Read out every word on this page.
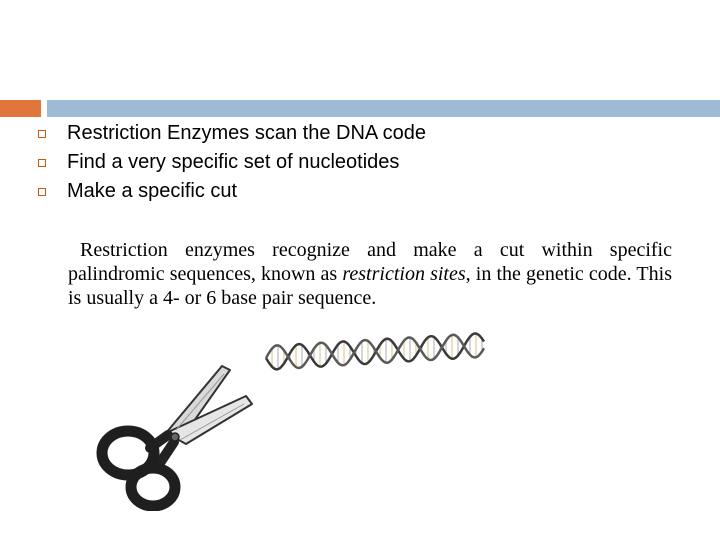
Restriction Enzymes scan the DNA code
Find a very specific set of nucleotides
Make a specific cut

Restriction enzymes recognize and make a cut within specific palindromic sequences, known as restriction sites, in the genetic code. This is usually a 4- or 6 base pair sequence.
